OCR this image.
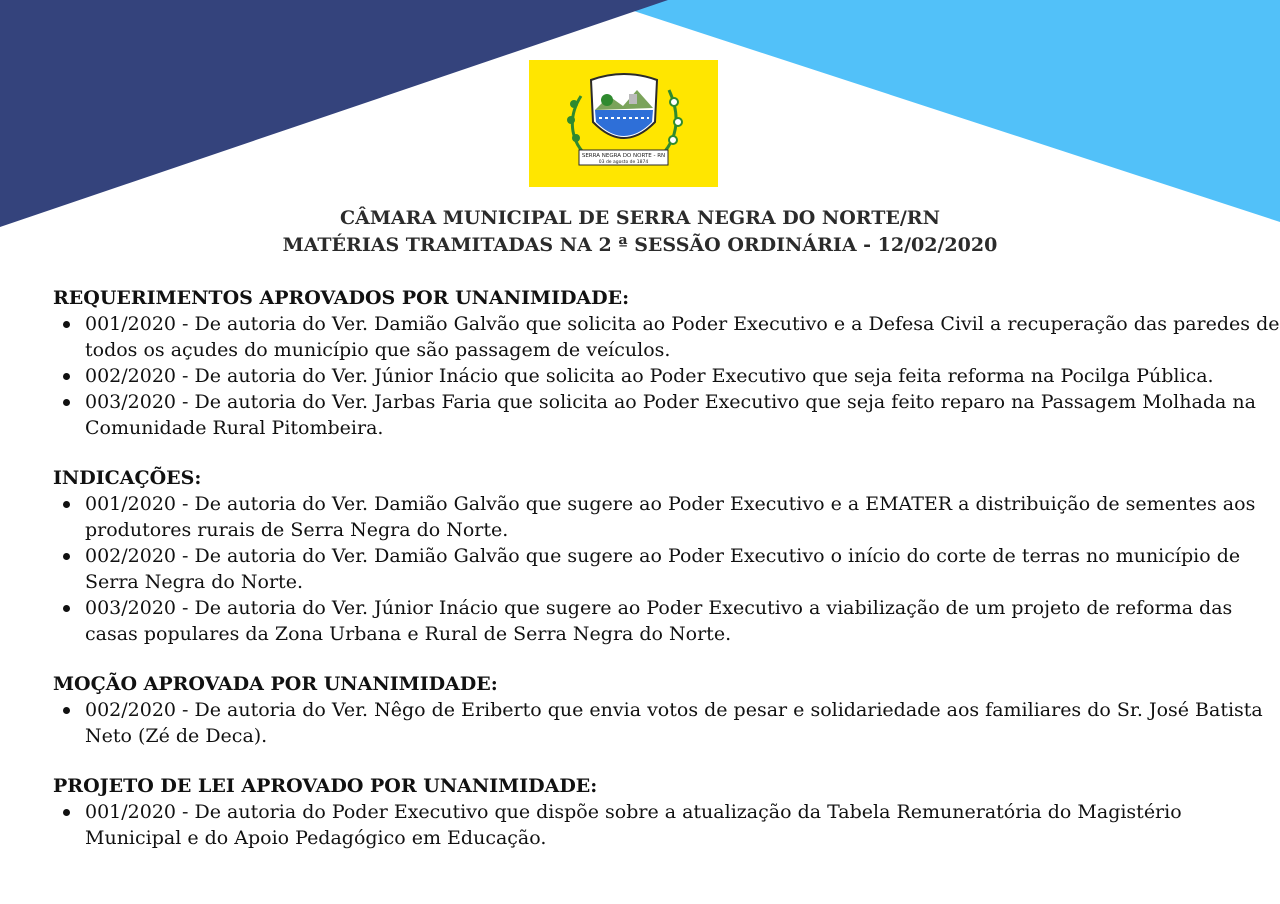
SERRA NEGRA DO NORTE - RN
03 de agosto de 1874

CÂMARA MUNICIPAL DE SERRA NEGRA DO NORTE/RN

MATÉRIAS TRAMITADAS NA 2 ª SESSÃO ORDINÁRIA - 12/02/2020

REQUERIMENTOS APROVADOS POR UNANIMIDADE:
001/2020 - De autoria do Ver. Damião Galvão que solicita ao Poder Executivo e a Defesa Civil a recuperação das paredes de todos os açudes do município que são passagem de veículos.
002/2020 - De autoria do Ver. Júnior Inácio que solicita ao Poder Executivo que seja feita reforma na Pocilga Pública.
003/2020 - De autoria do Ver. Jarbas Faria que solicita ao Poder Executivo que seja feito reparo na Passagem Molhada na Comunidade Rural Pitombeira.
INDICAÇÕES:
001/2020 - De autoria do Ver. Damião Galvão que sugere ao Poder Executivo e a EMATER a distribuição de sementes aos produtores rurais de Serra Negra do Norte.
002/2020 - De autoria do Ver. Damião Galvão que sugere ao Poder Executivo o início do corte de terras no município de Serra Negra do Norte.
003/2020 - De autoria do Ver. Júnior Inácio que sugere ao Poder Executivo a viabilização de um projeto de reforma das casas populares da Zona Urbana e Rural de Serra Negra do Norte.
MOÇÃO APROVADA POR UNANIMIDADE:
002/2020 - De autoria do Ver. Nêgo de Eriberto que envia votos de pesar e solidariedade aos familiares do Sr. José Batista Neto (Zé de Deca).
PROJETO DE LEI APROVADO POR UNANIMIDADE:
001/2020 - De autoria do Poder Executivo que dispõe sobre a atualização da Tabela Remuneratória do Magistério Municipal e do Apoio Pedagógico em Educação.
